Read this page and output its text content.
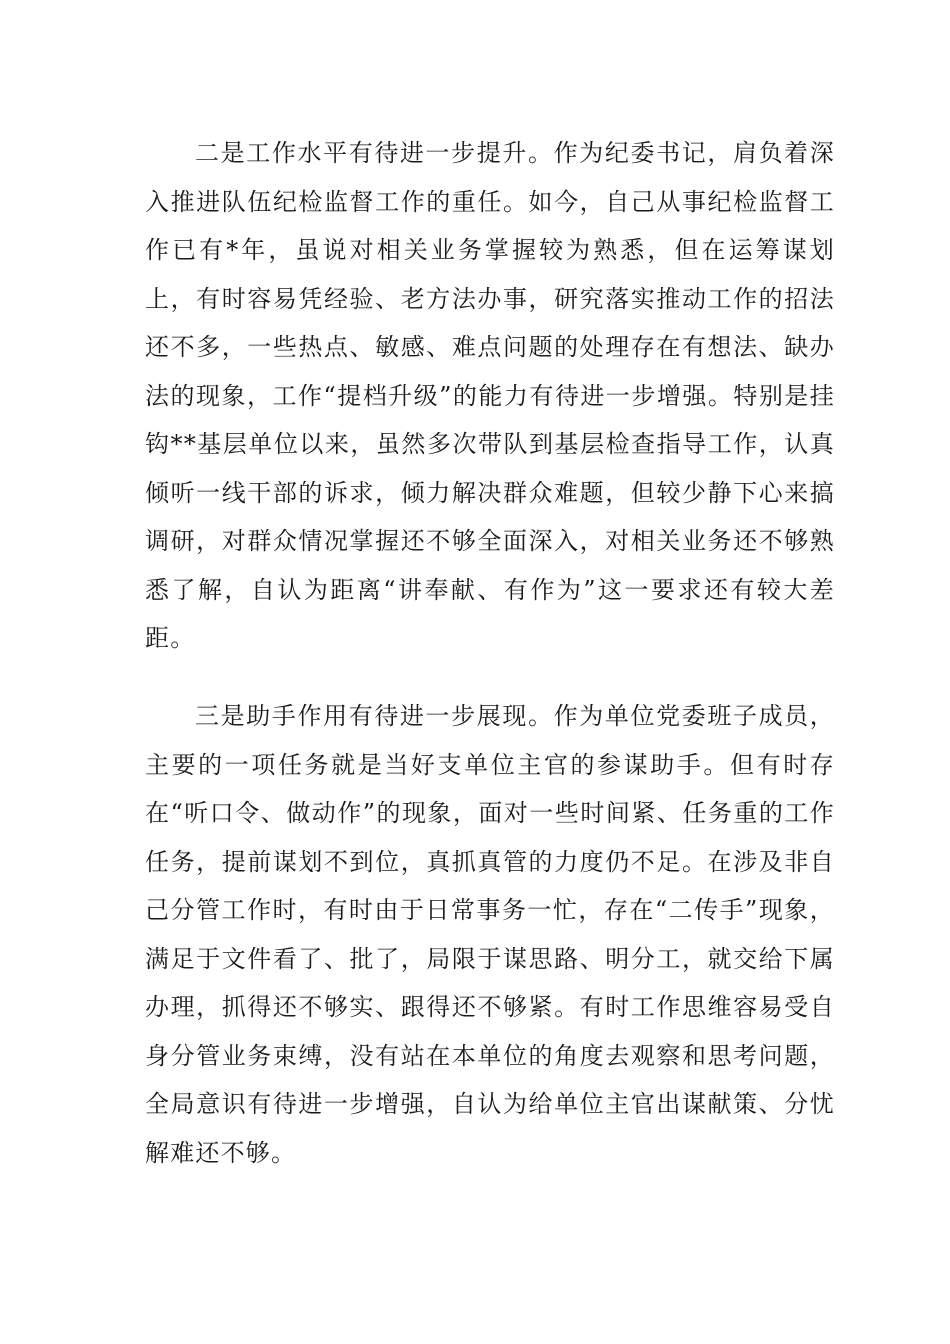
二是工作水平有待进一步提升。作为纪委书记，肩负着深入推进队伍纪检监督工作的重任。如今，自己从事纪检监督工作已有*年，虽说对相关业务掌握较为熟悉，但在运筹谋划上，有时容易凭经验、老方法办事，研究落实推动工作的招法还不多，一些热点、敏感、难点问题的处理存在有想法、缺办法的现象，工作“提档升级”的能力有待进一步增强。特别是挂钩**基层单位以来，虽然多次带队到基层检查指导工作，认真倾听一线干部的诉求，倾力解决群众难题，但较少静下心来搞调研，对群众情况掌握还不够全面深入，对相关业务还不够熟悉了解，自认为距离“讲奉献、有作为”这一要求还有较大差距。

三是助手作用有待进一步展现。作为单位党委班子成员，主要的一项任务就是当好支单位主官的参谋助手。但有时存在“听口令、做动作”的现象，面对一些时间紧、任务重的工作任务，提前谋划不到位，真抓真管的力度仍不足。在涉及非自己分管工作时，有时由于日常事务一忙，存在“二传手”现象，满足于文件看了、批了，局限于谋思路、明分工，就交给下属办理，抓得还不够实、跟得还不够紧。有时工作思维容易受自身分管业务束缚，没有站在本单位的角度去观察和思考问题，全局意识有待进一步增强，自认为给单位主官出谋献策、分忧解难还不够。
